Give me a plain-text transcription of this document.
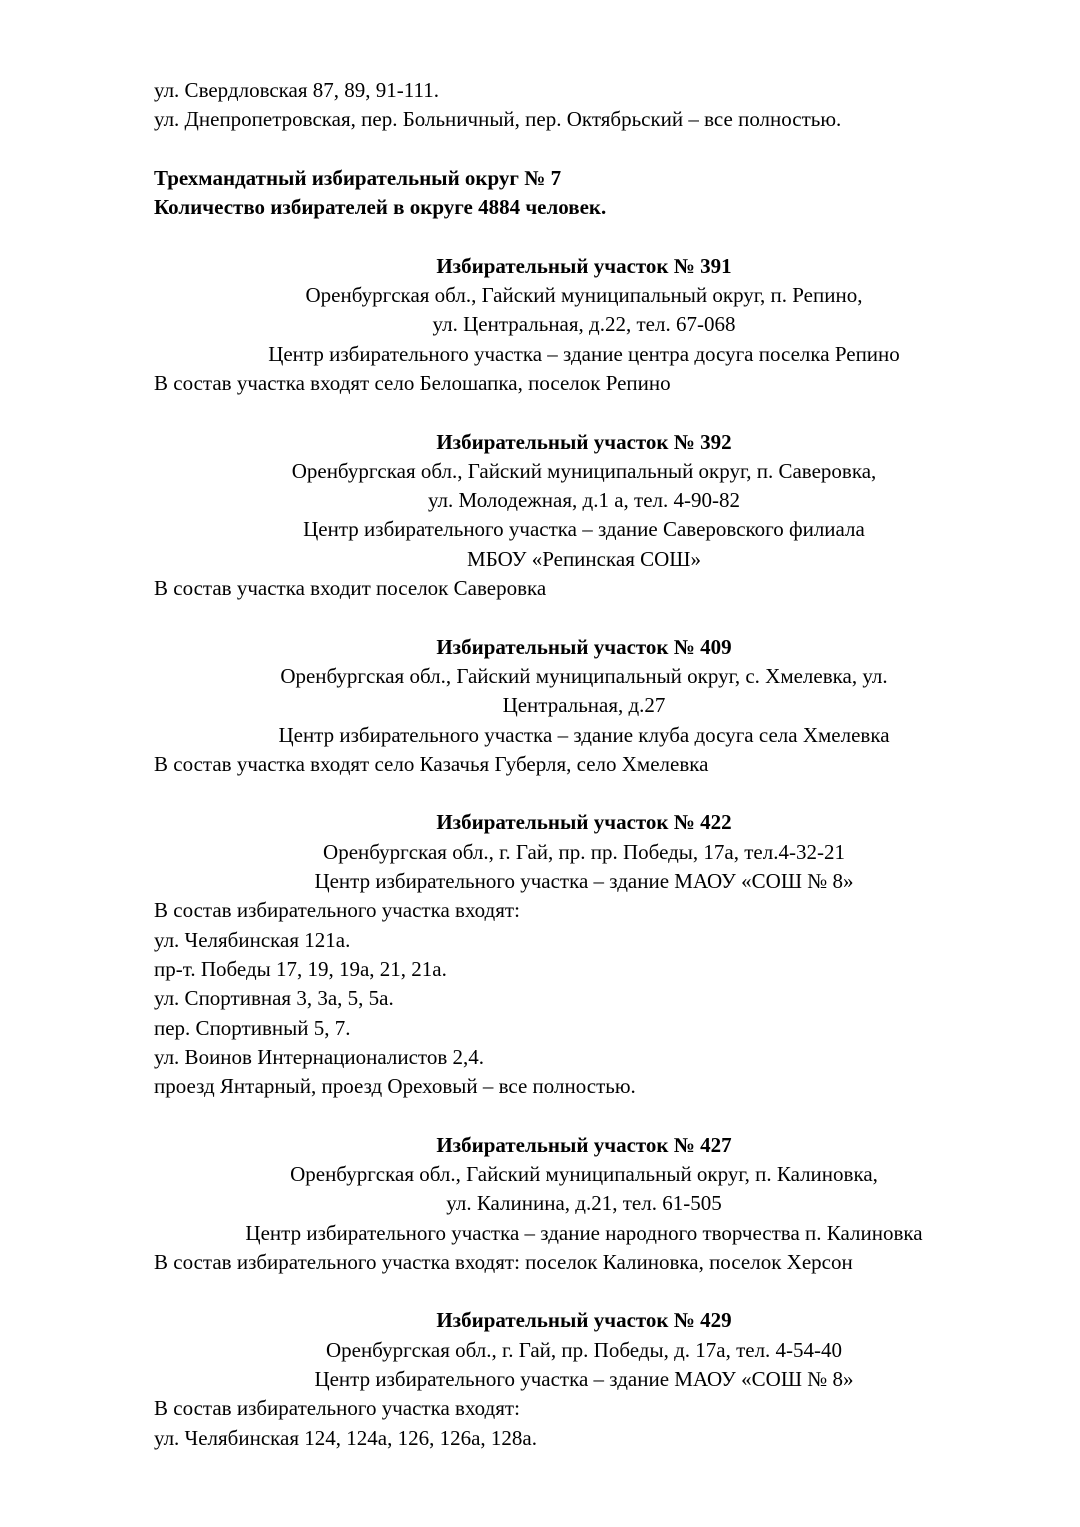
ул. Свердловская 87, 89, 91-111.
ул. Днепропетровская, пер. Больничный, пер. Октябрьский – все полностью.
Трехмандатный избирательный округ № 7
Количество избирателей в округе 4884 человек.
Избирательный участок № 391
Оренбургская обл., Гайский муниципальный округ, п. Репино,
ул. Центральная, д.22, тел. 67-068
Центр избирательного участка – здание центра досуга поселка Репино
В состав участка входят село Белошапка, поселок Репино
Избирательный участок № 392
Оренбургская обл., Гайский муниципальный округ, п. Саверовка,
ул. Молодежная, д.1 а, тел. 4-90-82
Центр избирательного участка – здание Саверовского филиала
МБОУ «Репинская СОШ»
В состав участка входит поселок Саверовка
Избирательный участок № 409
Оренбургская обл., Гайский муниципальный округ, с. Хмелевка, ул.
Центральная, д.27
Центр избирательного участка – здание клуба досуга села Хмелевка
В состав участка входят село Казачья Губерля, село Хмелевка
Избирательный участок № 422
Оренбургская обл., г. Гай, пр. пр. Победы, 17а, тел.4-32-21
Центр избирательного участка – здание МАОУ «СОШ № 8»
В состав избирательного участка входят:
ул. Челябинская 121а.
пр-т. Победы 17, 19, 19а, 21, 21а.
ул. Спортивная 3, 3а, 5, 5а.
пер. Спортивный 5, 7.
ул. Воинов Интернационалистов 2,4.
проезд Янтарный, проезд Ореховый – все полностью.
Избирательный участок № 427
Оренбургская обл., Гайский муниципальный округ, п. Калиновка,
ул. Калинина, д.21, тел. 61-505
Центр избирательного участка – здание народного творчества п. Калиновка
В состав избирательного участка входят: поселок Калиновка, поселок Херсон
Избирательный участок № 429
Оренбургская обл., г. Гай, пр. Победы, д. 17а, тел. 4-54-40
Центр избирательного участка – здание МАОУ «СОШ № 8»
В состав избирательного участка входят:
ул. Челябинская 124, 124а, 126, 126а, 128а.
